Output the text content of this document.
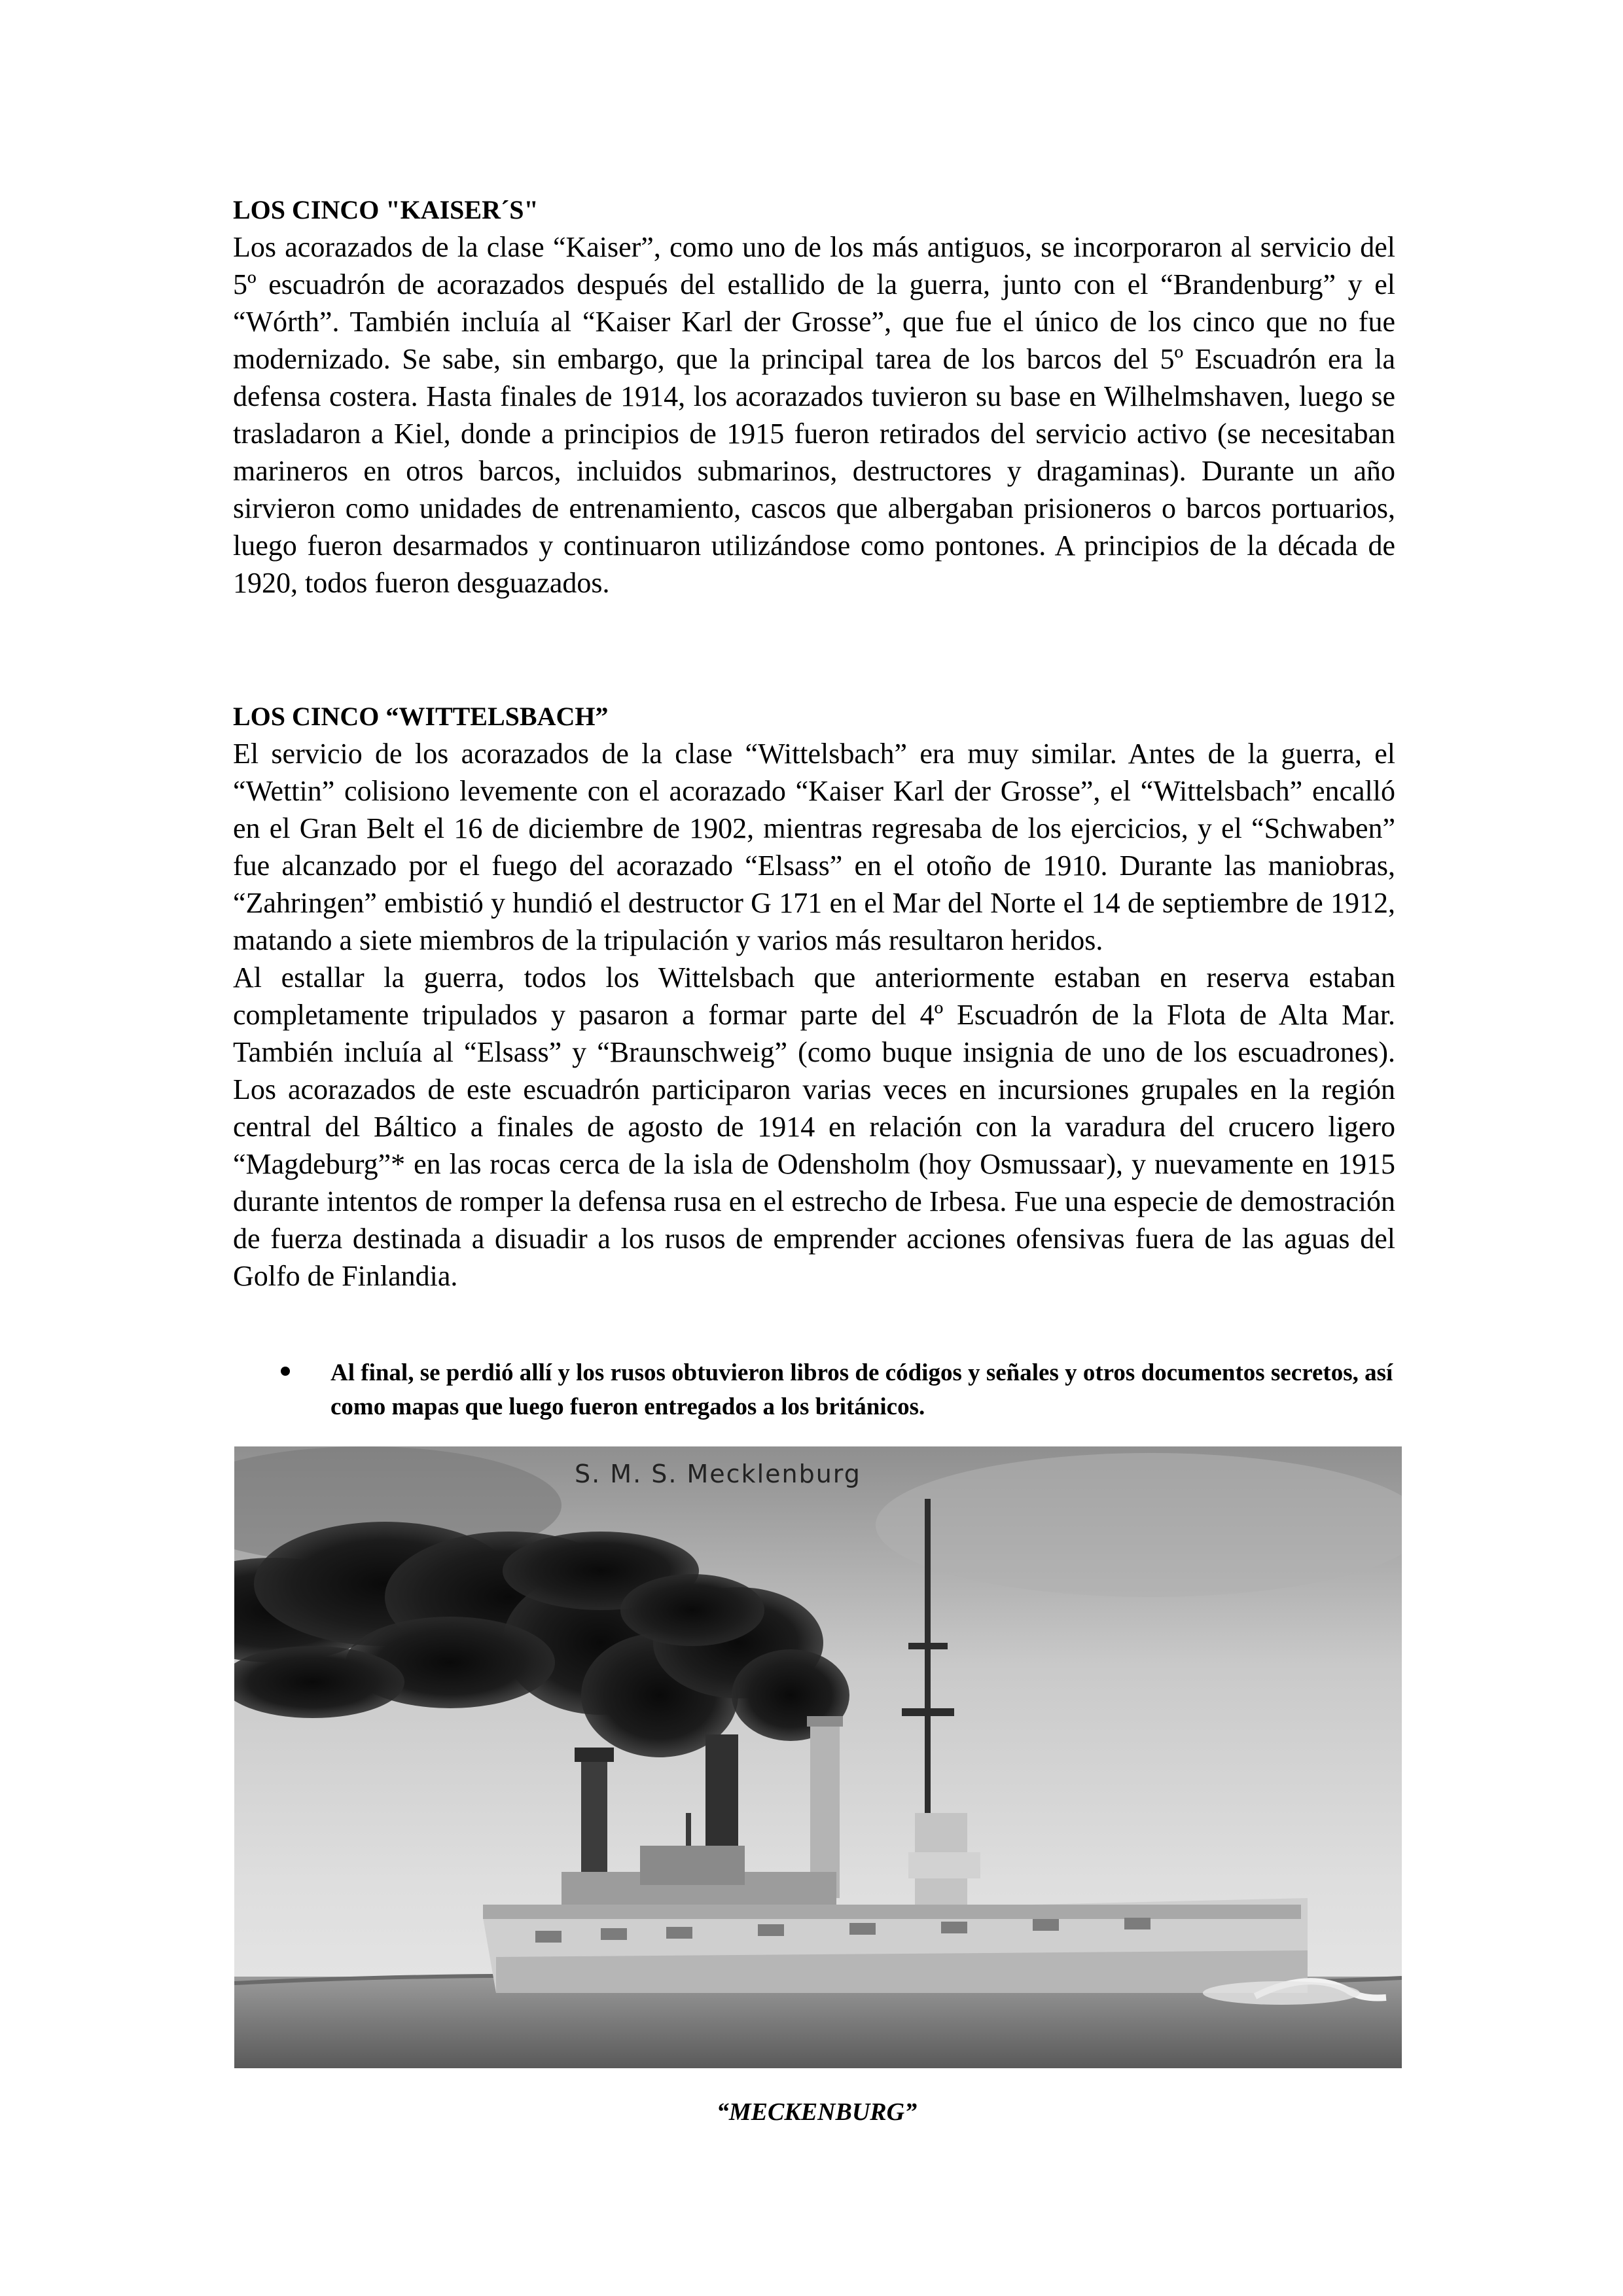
LOS CINCO "KAISER´S"

Los acorazados de la clase “Kaiser”, como uno de los más antiguos, se incorporaron al servicio del 5º escuadrón de acorazados después del estallido de la guerra, junto con el “Brandenburg” y el “Wórth”. También incluía al “Kaiser Karl der Grosse”, que fue el único de los cinco que no fue modernizado. Se sabe, sin embargo, que la principal tarea de los barcos del 5º Escuadrón era la defensa costera. Hasta finales de 1914, los acorazados tuvieron su base en Wilhelmshaven, luego se trasladaron a Kiel, donde a principios de 1915 fueron retirados del servicio activo (se necesitaban marineros en otros barcos, incluidos submarinos, destructores y dragaminas). Durante un año sirvieron como unidades de entrenamiento, cascos que albergaban prisioneros o barcos portuarios, luego fueron desarmados y continuaron utilizándose como pontones. A principios de la década de 1920, todos fueron desguazados.

LOS CINCO “WITTELSBACH”

El servicio de los acorazados de la clase “Wittelsbach” era muy similar. Antes de la guerra, el “Wettin” colisiono levemente con el acorazado “Kaiser Karl der Grosse”, el “Wittelsbach” encalló en el Gran Belt el 16 de diciembre de 1902, mientras regresaba de los ejercicios, y el “Schwaben” fue alcanzado por el fuego del acorazado “Elsass” en el otoño de 1910. Durante las maniobras, “Zahringen” embistió y hundió el destructor G 171 en el Mar del Norte el 14 de septiembre de 1912, matando a siete miembros de la tripulación y varios más resultaron heridos.

Al estallar la guerra, todos los Wittelsbach que anteriormente estaban en reserva estaban completamente tripulados y pasaron a formar parte del 4º Escuadrón de la Flota de Alta Mar. También incluía al “Elsass” y “Braunschweig” (como buque insignia de uno de los escuadrones). Los acorazados de este escuadrón participaron varias veces en incursiones grupales en la región central del Báltico a finales de agosto de 1914 en relación con la varadura del crucero ligero “Magdeburg”* en las rocas cerca de la isla de Odensholm (hoy Osmussaar), y nuevamente en 1915 durante intentos de romper la defensa rusa en el estrecho de Irbesa. Fue una especie de demostración de fuerza destinada a disuadir a los rusos de emprender acciones ofensivas fuera de las aguas del Golfo de Finlandia.

Al final, se perdió allí y los rusos obtuvieron libros de códigos y señales y otros documentos secretos, así como mapas que luego fueron entregados a los británicos.
S. M. S. Mecklenburg
“MECKENBURG”
